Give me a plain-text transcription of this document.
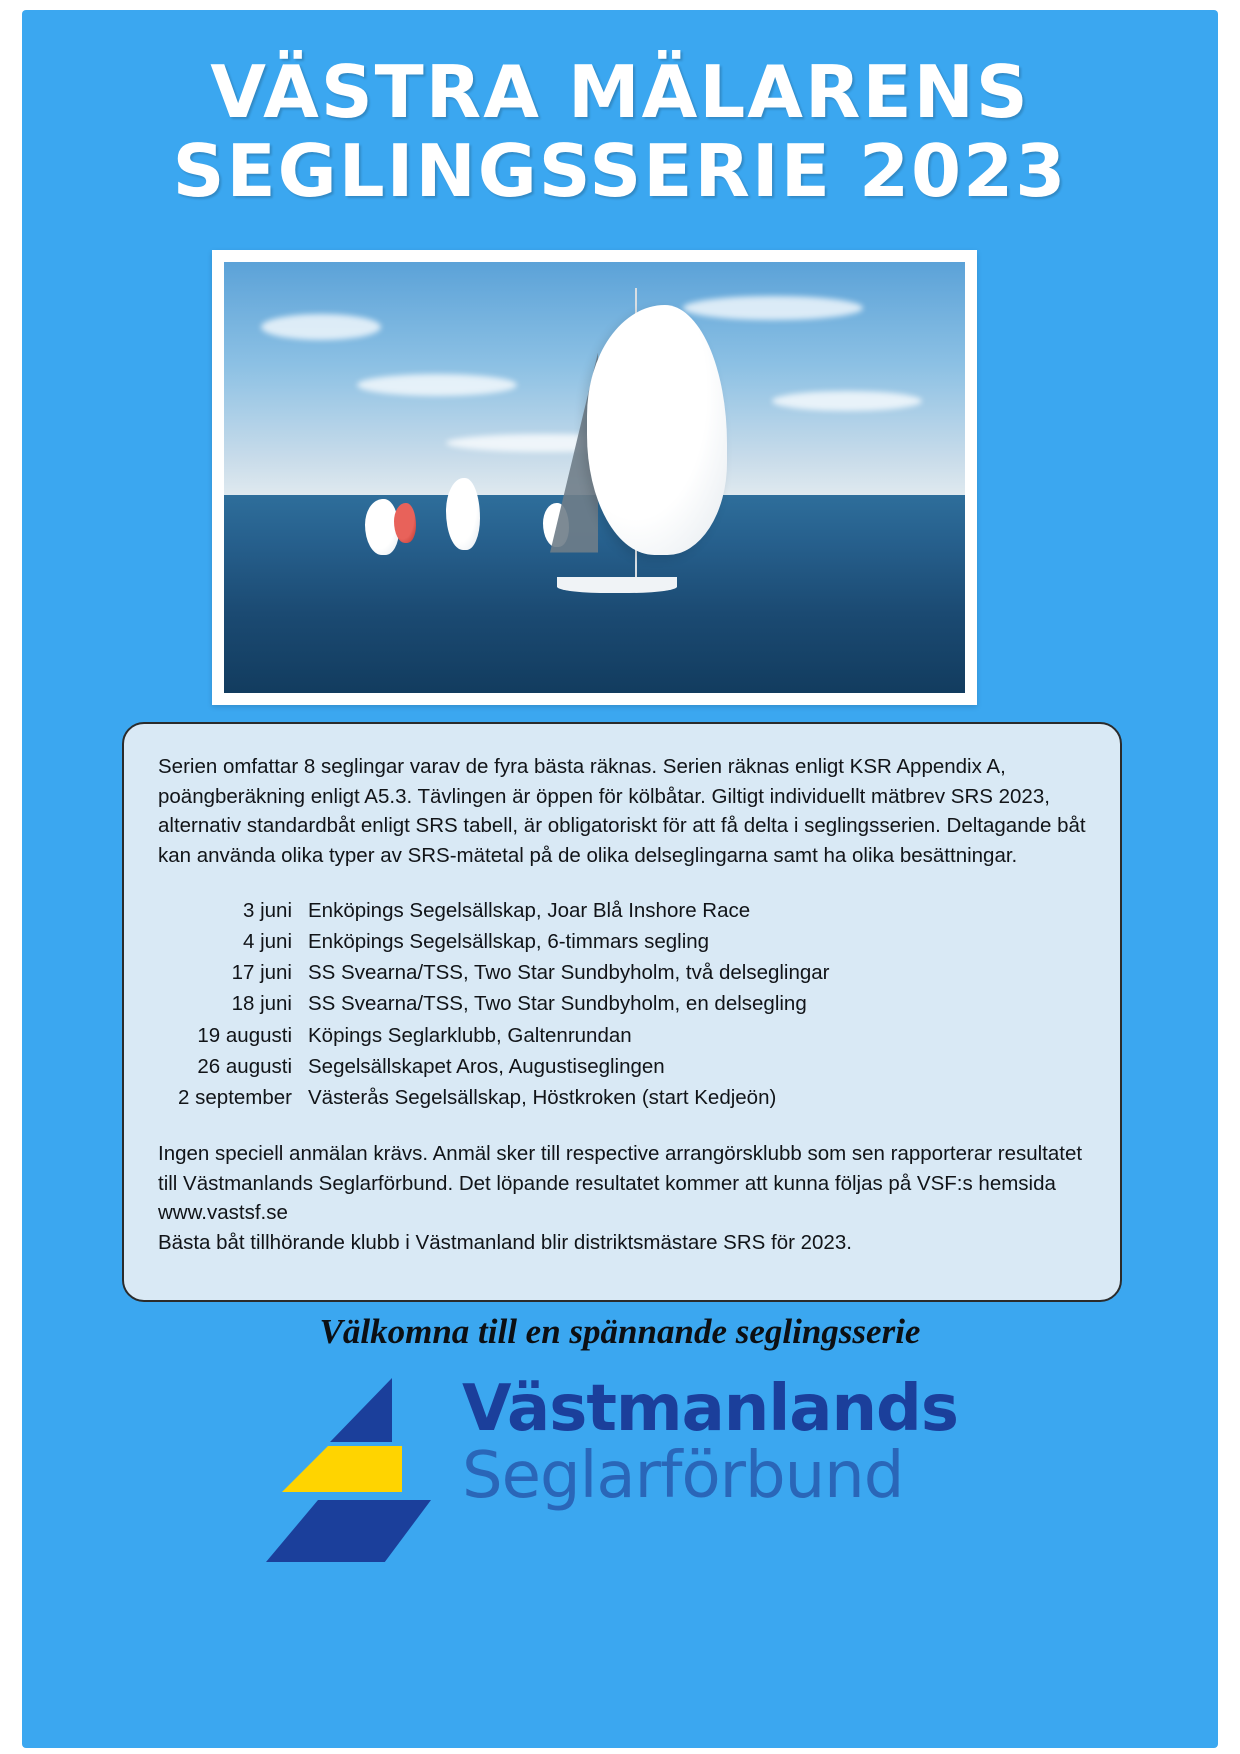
VÄSTRA MÄLARENS
SEGLINGSSERIE 2023

Serien omfattar 8 seglingar varav de fyra bästa räknas. Serien räknas enligt KSR Appendix A, poängberäkning enligt A5.3. Tävlingen är öppen för kölbåtar. Giltigt individuellt mätbrev SRS 2023, alternativ standardbåt enligt SRS tabell, är obligatoriskt för att få delta i seglingsserien. Deltagande båt kan använda olika typer av SRS-mätetal på de olika delseglingarna samt ha olika besättningar.

3 juni Enköpings Segelsällskap, Joar Blå Inshore Race
4 juni Enköpings Segelsällskap, 6-timmars segling
17 juni SS Svearna/TSS, Two Star Sundbyholm, två delseglingar
18 juni SS Svearna/TSS, Two Star Sundbyholm, en delsegling
19 augusti Köpings Seglarklubb, Galtenrundan
26 augusti Segelsällskapet Aros, Augustiseglingen
2 september Västerås Segelsällskap, Höstkroken (start Kedjeön)

Ingen speciell anmälan krävs. Anmäl sker till respective arrangörsklubb som sen rapporterar resultatet till Västmanlands Seglarförbund. Det löpande resultatet kommer att kunna följas på VSF:s hemsida www.vastsf.se

Bästa båt tillhörande klubb i Västmanland blir distriktsmästare SRS för 2023.

Välkomna till en spännande seglingsserie
Västmanlands
Seglarförbund
